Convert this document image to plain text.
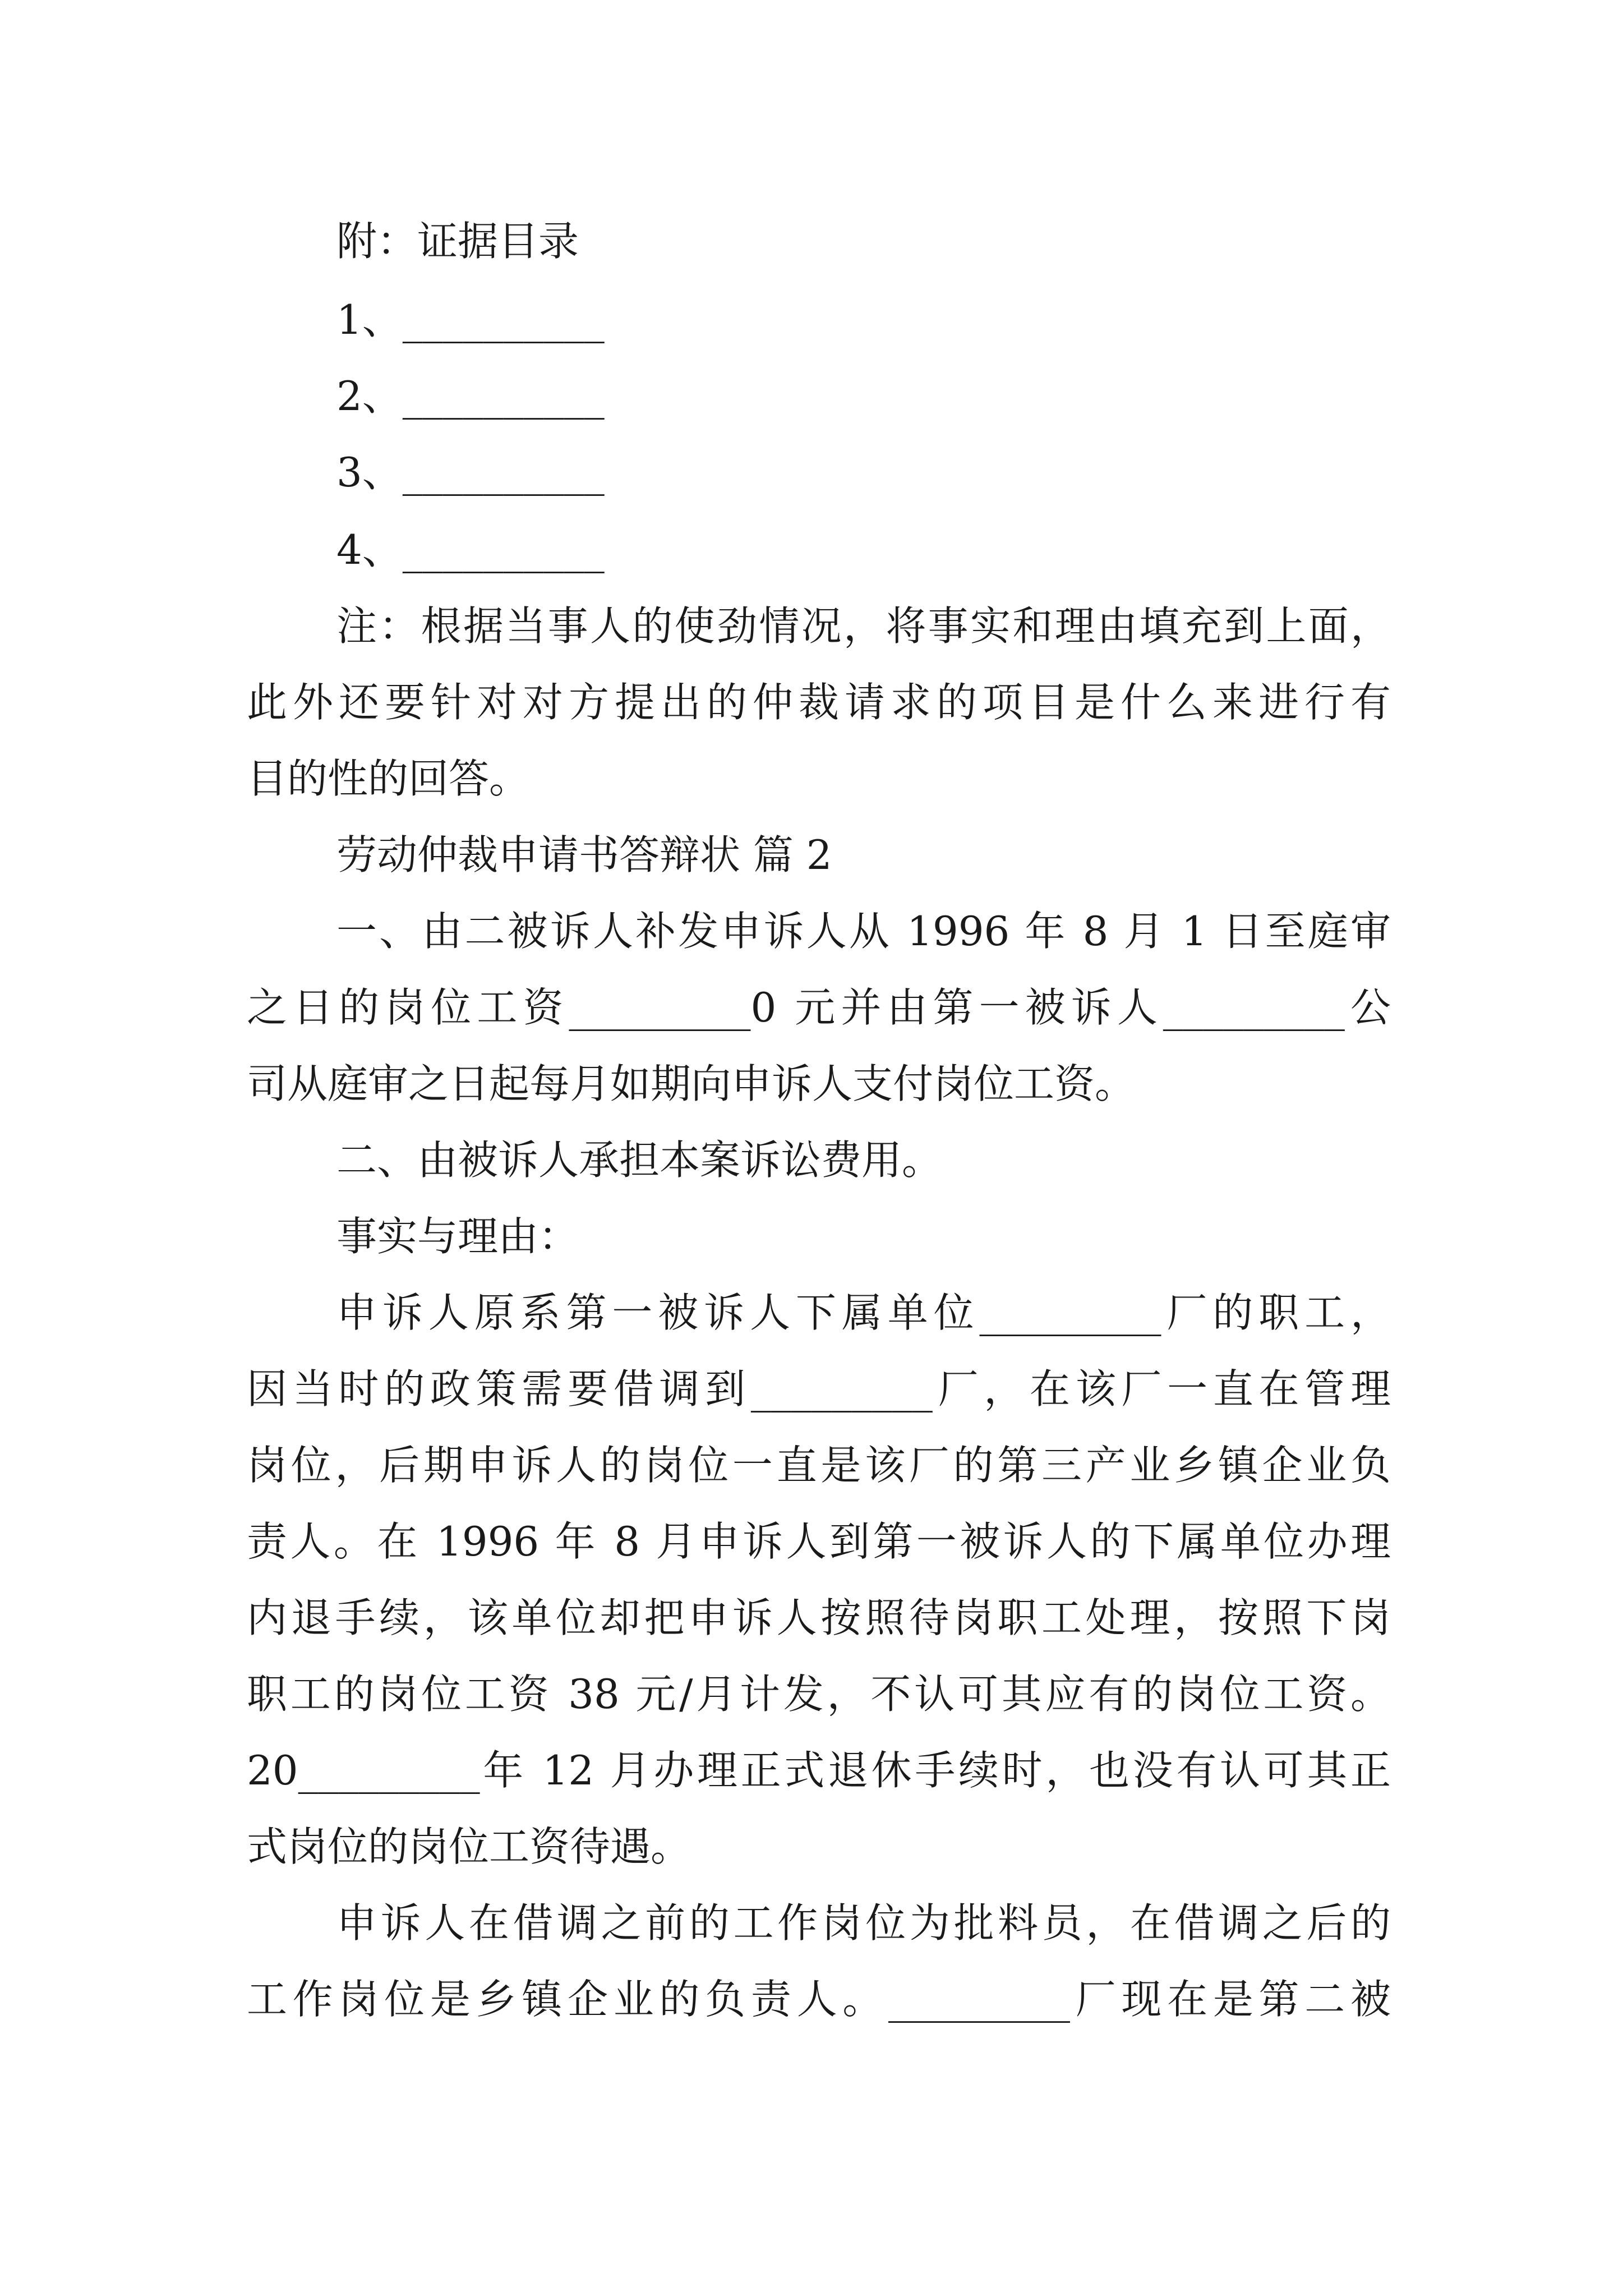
附：证据目录
1、__________
2、__________
3、__________
4、__________
注：根据当事人的使劲情况，将事实和理由填充到上面，
此外还要针对对方提出的仲裁请求的项目是什么来进行有
目的性的回答。
劳动仲裁申请书答辩状 篇 2
一、由二被诉人补发申诉人从 1996 年 8 月 1 日至庭审
之日的岗位工资_________0 元并由第一被诉人_________公
司从庭审之日起每月如期向申诉人支付岗位工资。
二、由被诉人承担本案诉讼费用。
事实与理由：
申诉人原系第一被诉人下属单位_________厂的职工，
因当时的政策需要借调到_________厂，在该厂一直在管理
岗位，后期申诉人的岗位一直是该厂的第三产业乡镇企业负
责人。在 1996 年 8 月申诉人到第一被诉人的下属单位办理
内退手续，该单位却把申诉人按照待岗职工处理，按照下岗
职工的岗位工资 38 元/月计发，不认可其应有的岗位工资。
20_________年 12 月办理正式退休手续时，也没有认可其正
式岗位的岗位工资待遇。
申诉人在借调之前的工作岗位为批料员，在借调之后的
工作岗位是乡镇企业的负责人。_________厂现在是第二被
